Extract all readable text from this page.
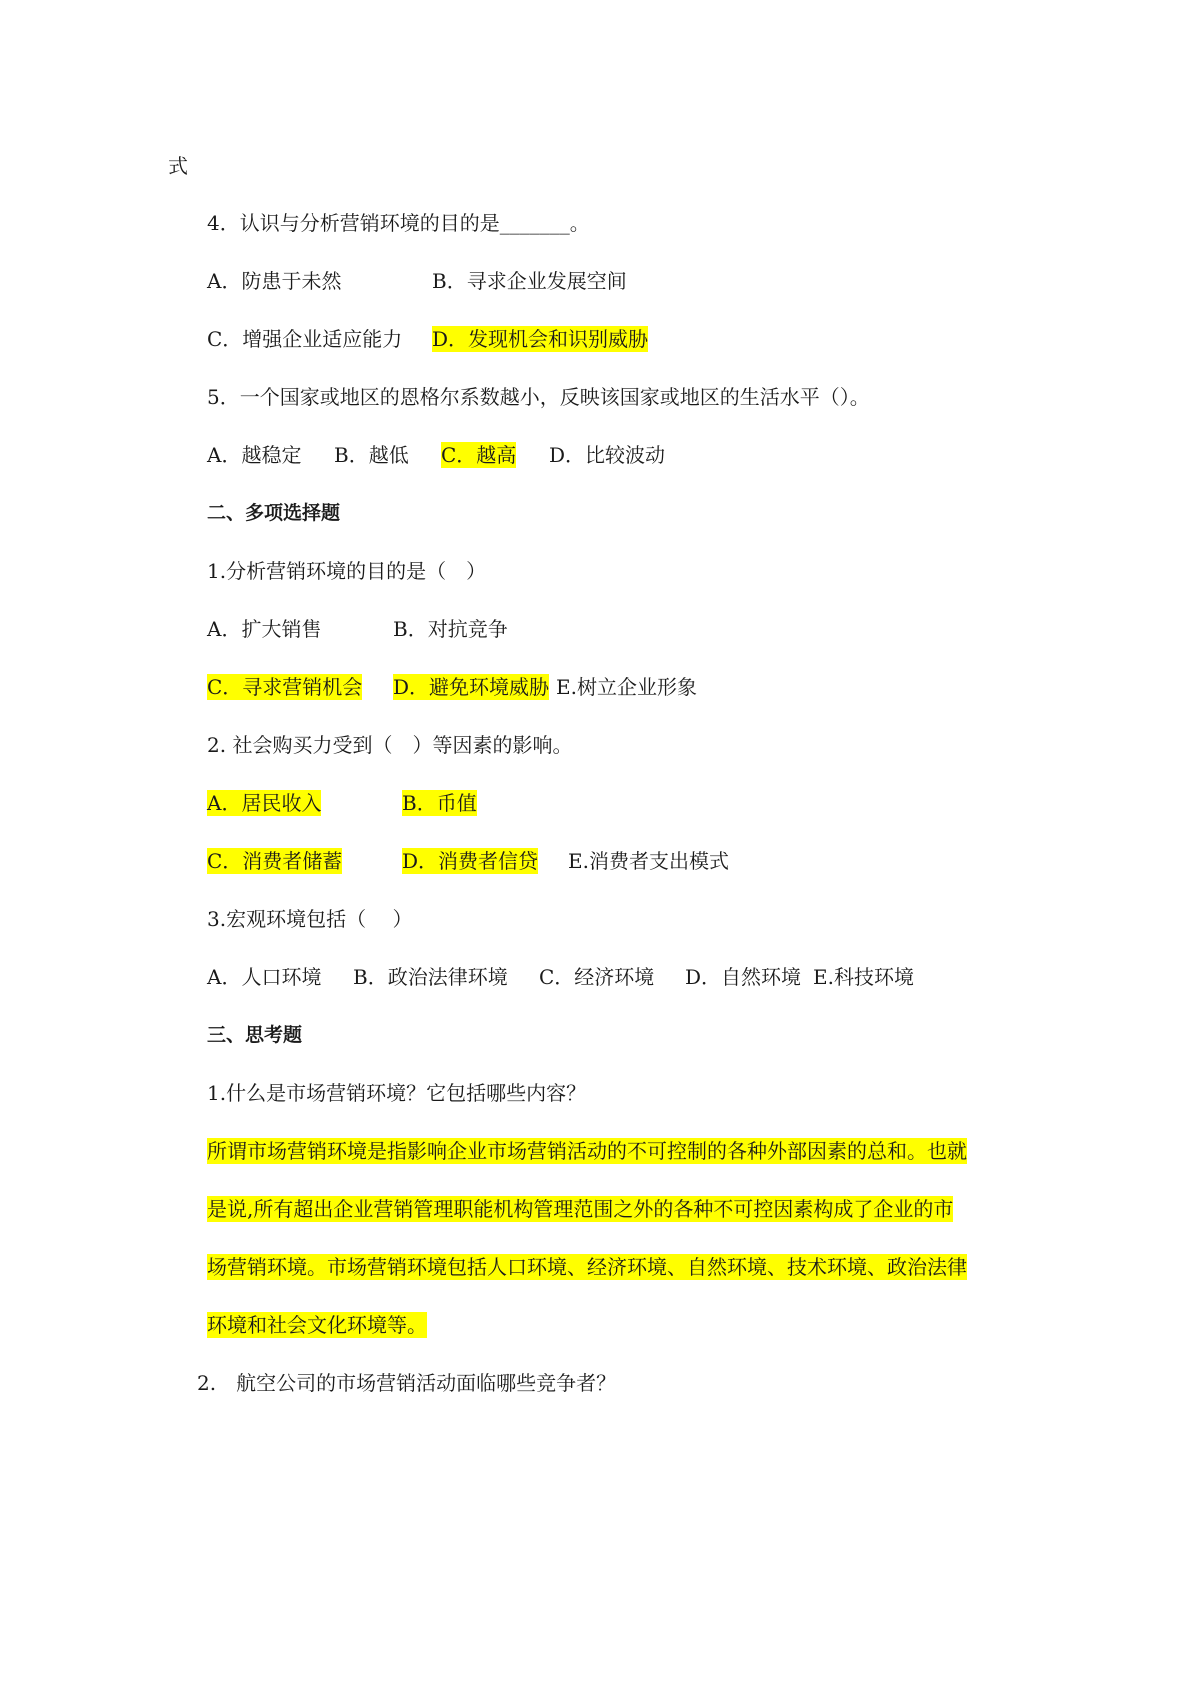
式
4．认识与分析营销环境的目的是_______。
A．防患于未然	B．寻求企业发展空间
C．增强企业适应能力 D．发现机会和识别威胁
5．一个国家或地区的恩格尔系数越小，反映该国家或地区的生活水平（）。
A．越稳定 B．越低 C．越高 D．比较波动
二、多项选择题
1.分析营销环境的目的是（　）
A．扩大销售	B．对抗竞争
C．寻求营销机会 D．避免环境威胁 E.树立企业形象
2. 社会购买力受到（　）等因素的影响。
A．居民收入	B．币值
C．消费者储蓄	D．消费者信贷 E.消费者支出模式
3.宏观环境包括（　 ）
A．人口环境 B．政治法律环境 C．经济环境 D．自然环境 E.科技环境
三、思考题
1.什么是市场营销环境？它包括哪些内容？
所谓市场营销环境是指影响企业市场营销活动的不可控制的各种外部因素的总和。也就
是说,所有超出企业营销管理职能机构管理范围之外的各种不可控因素构成了企业的市
场营销环境。市场营销环境包括人口环境、经济环境、自然环境、技术环境、政治法律
环境和社会文化环境等。
2.　航空公司的市场营销活动面临哪些竞争者？
